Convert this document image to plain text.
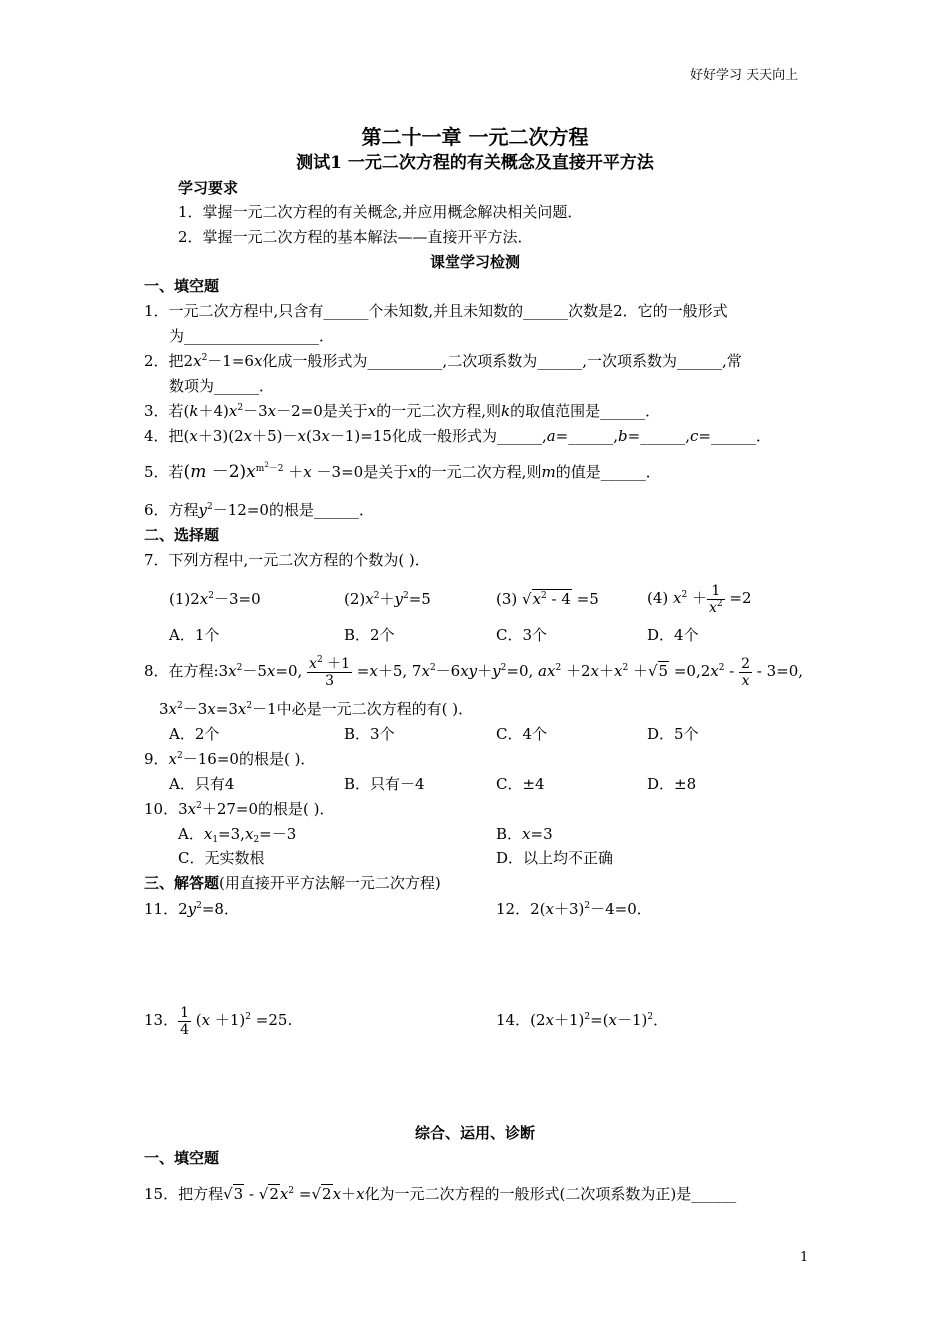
好好学习 天天向上
第二十一章 一元二次方程
测试1 一元二次方程的有关概念及直接开平方法
学习要求
1．掌握一元二次方程的有关概念,并应用概念解决相关问题．
2．掌握一元二次方程的基本解法——直接开平方法．
课堂学习检测
一、填空题
1．一元二次方程中,只含有______个未知数,并且未知数的______次数是2．它的一般形式
为__________________．
2．把$2x^2-1=6x$化成一般形式为__________,二次项系数为______,一次项系数为______,常
数项为______．
3．若$(k+4)x^2-3x-2=0$是关于x的一元二次方程,则k的取值范围是______．
4．把(x＋3)(2x＋5)－x(3x－1)=15化成一般形式为______,a=______,b=______,c=______．
5．若$(m -2)x^{m^2-2} +x -3=0$是关于x的一元二次方程,则m的值是______．
6．方程$y^2-12=0$的根是______．
二、选择题
7．下列方程中,一元二次方程的个数为( )．
$(1)2x^2-3=0$	$(2)x^2+y^2=5$	(3) $√x^2 - 4 =5$	(4) $x^2 + \frac{1}{x^2} =2$
A．1个	B．2个	C．3个	D．4个
8．在方程$:3x^2-5x=0$, $\frac{x^2 +1}{3} =x+5$, $7x^2-6xy+y^2=0$, $ax^2 +2x+x^2 +√5 =0,2x^2 - \frac{2}{x} - 3=0$,
$3x^2-3x=3x^2-1$中必是一元二次方程的有( )．
A．2个	B．3个	C．4个	D．5个
9．$x^2-16=0$的根是( )．
A．只有4	B．只有－4	C．±4	D．±8
10．$3x^2+27=0$的根是( )．
A．$x_1=3,x_2=-3$	B．x=3
C．无实数根	D．以上均不正确
三、解答题(用直接开平方法解一元二次方程)
11．$2y^2=8$．	12．$2(x+3)^2-4=0$．
13． $\frac{1}{4} (x +1)^2 =25$.	14．$(2x+1)^2=(x-1)^2$．
综合、运用、诊断
一、填空题
15．把方程$√3 - √2x^2 =√2x+x$化为一元二次方程的一般形式(二次项系数为正)是______
1
